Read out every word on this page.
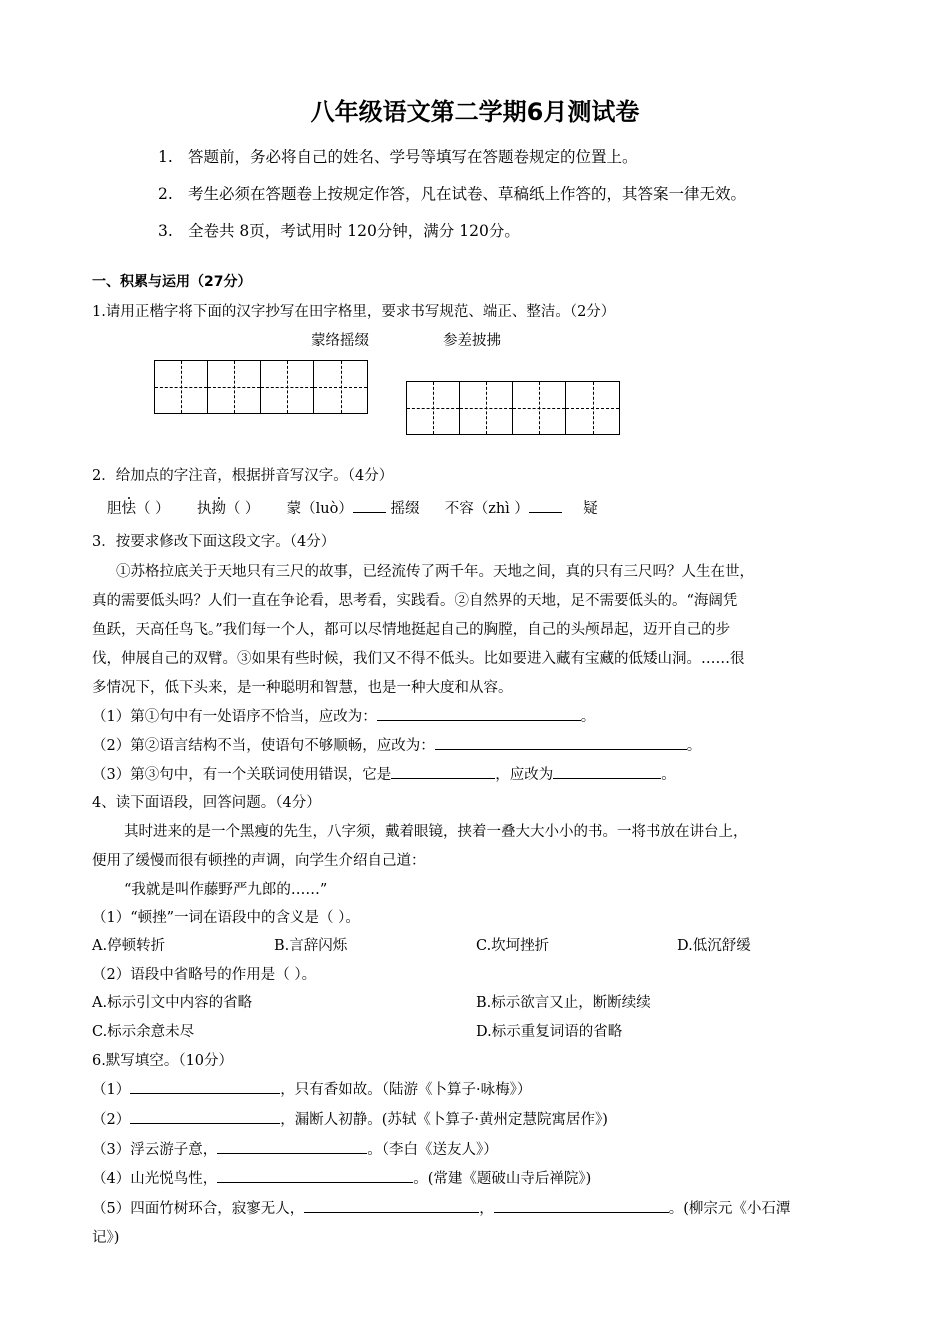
八年级语文第二学期6月测试卷
1. 答题前，务必将自己的姓名、学号等填写在答题卷规定的位置上。
2. 考生必须在答题卷上按规定作答，凡在试卷、草稿纸上作答的，其答案一律无效。
3. 全卷共 8页，考试用时 120分钟，满分 120分。
一、积累与运用（27分）
1.请用正楷字将下面的汉字抄写在田字格里，要求书写规范、端正、整洁。（2分）
蒙络摇缀	参差披拂
2．给加点的字注音，根据拼音写汉字。（4分）
胆怯（ ） 执拗（ ） 蒙（luò）	摇缀 不容（zhì ）	疑
3．按要求修改下面这段文字。（4分）
①苏格拉底关于天地只有三尺的故事，已经流传了两千年。天地之间，真的只有三尺吗？人生在世，
真的需要低头吗？人们一直在争论看，思考看，实践看。②自然界的天地，足不需要低头的。“海阔凭
鱼跃，天高任鸟飞。”我们每一个人，都可以尽情地挺起自己的胸膛，自己的头颅昂起，迈开自己的步
伐，伸展自己的双臂。③如果有些时候，我们又不得不低头。比如要进入藏有宝藏的低矮山洞。……很
多情况下，低下头来，是一种聪明和智慧，也是一种大度和从容。
（1）第①句中有一处语序不恰当，应改为：	。
（2）第②语言结构不当，使语句不够顺畅，应改为：	。
（3）第③句中，有一个关联词使用错误，它是	，应改为	。
4、读下面语段，回答问题。（4分）
其时进来的是一个黑瘦的先生，八字须，戴着眼镜，挟着一叠大大小小的书。一将书放在讲台上，
便用了缓慢而很有顿挫的声调，向学生介绍自己道：
“我就是叫作藤野严九郎的……”
（1）“顿挫”一词在语段中的含义是（ ）。
A.停顿转折	B.言辞闪烁	C.坎坷挫折	D.低沉舒缓
（2）语段中省略号的作用是（ ）。
A.标示引文中内容的省略	B.标示欲言又止，断断续续
C.标示余意未尽	D.标示重复词语的省略
6.默写填空。（10分）
（1）	，只有香如故。（陆游《卜算子·咏梅》）
（2）	，漏断人初静。(苏轼《卜算子·黄州定慧院寓居作》)
（3）浮云游子意，	。（李白《送友人》）
（4）山光悦鸟性，	。(常建《题破山寺后禅院》)
（5）四面竹树环合，寂寥无人，	，	。(柳宗元《小石潭
记》)
